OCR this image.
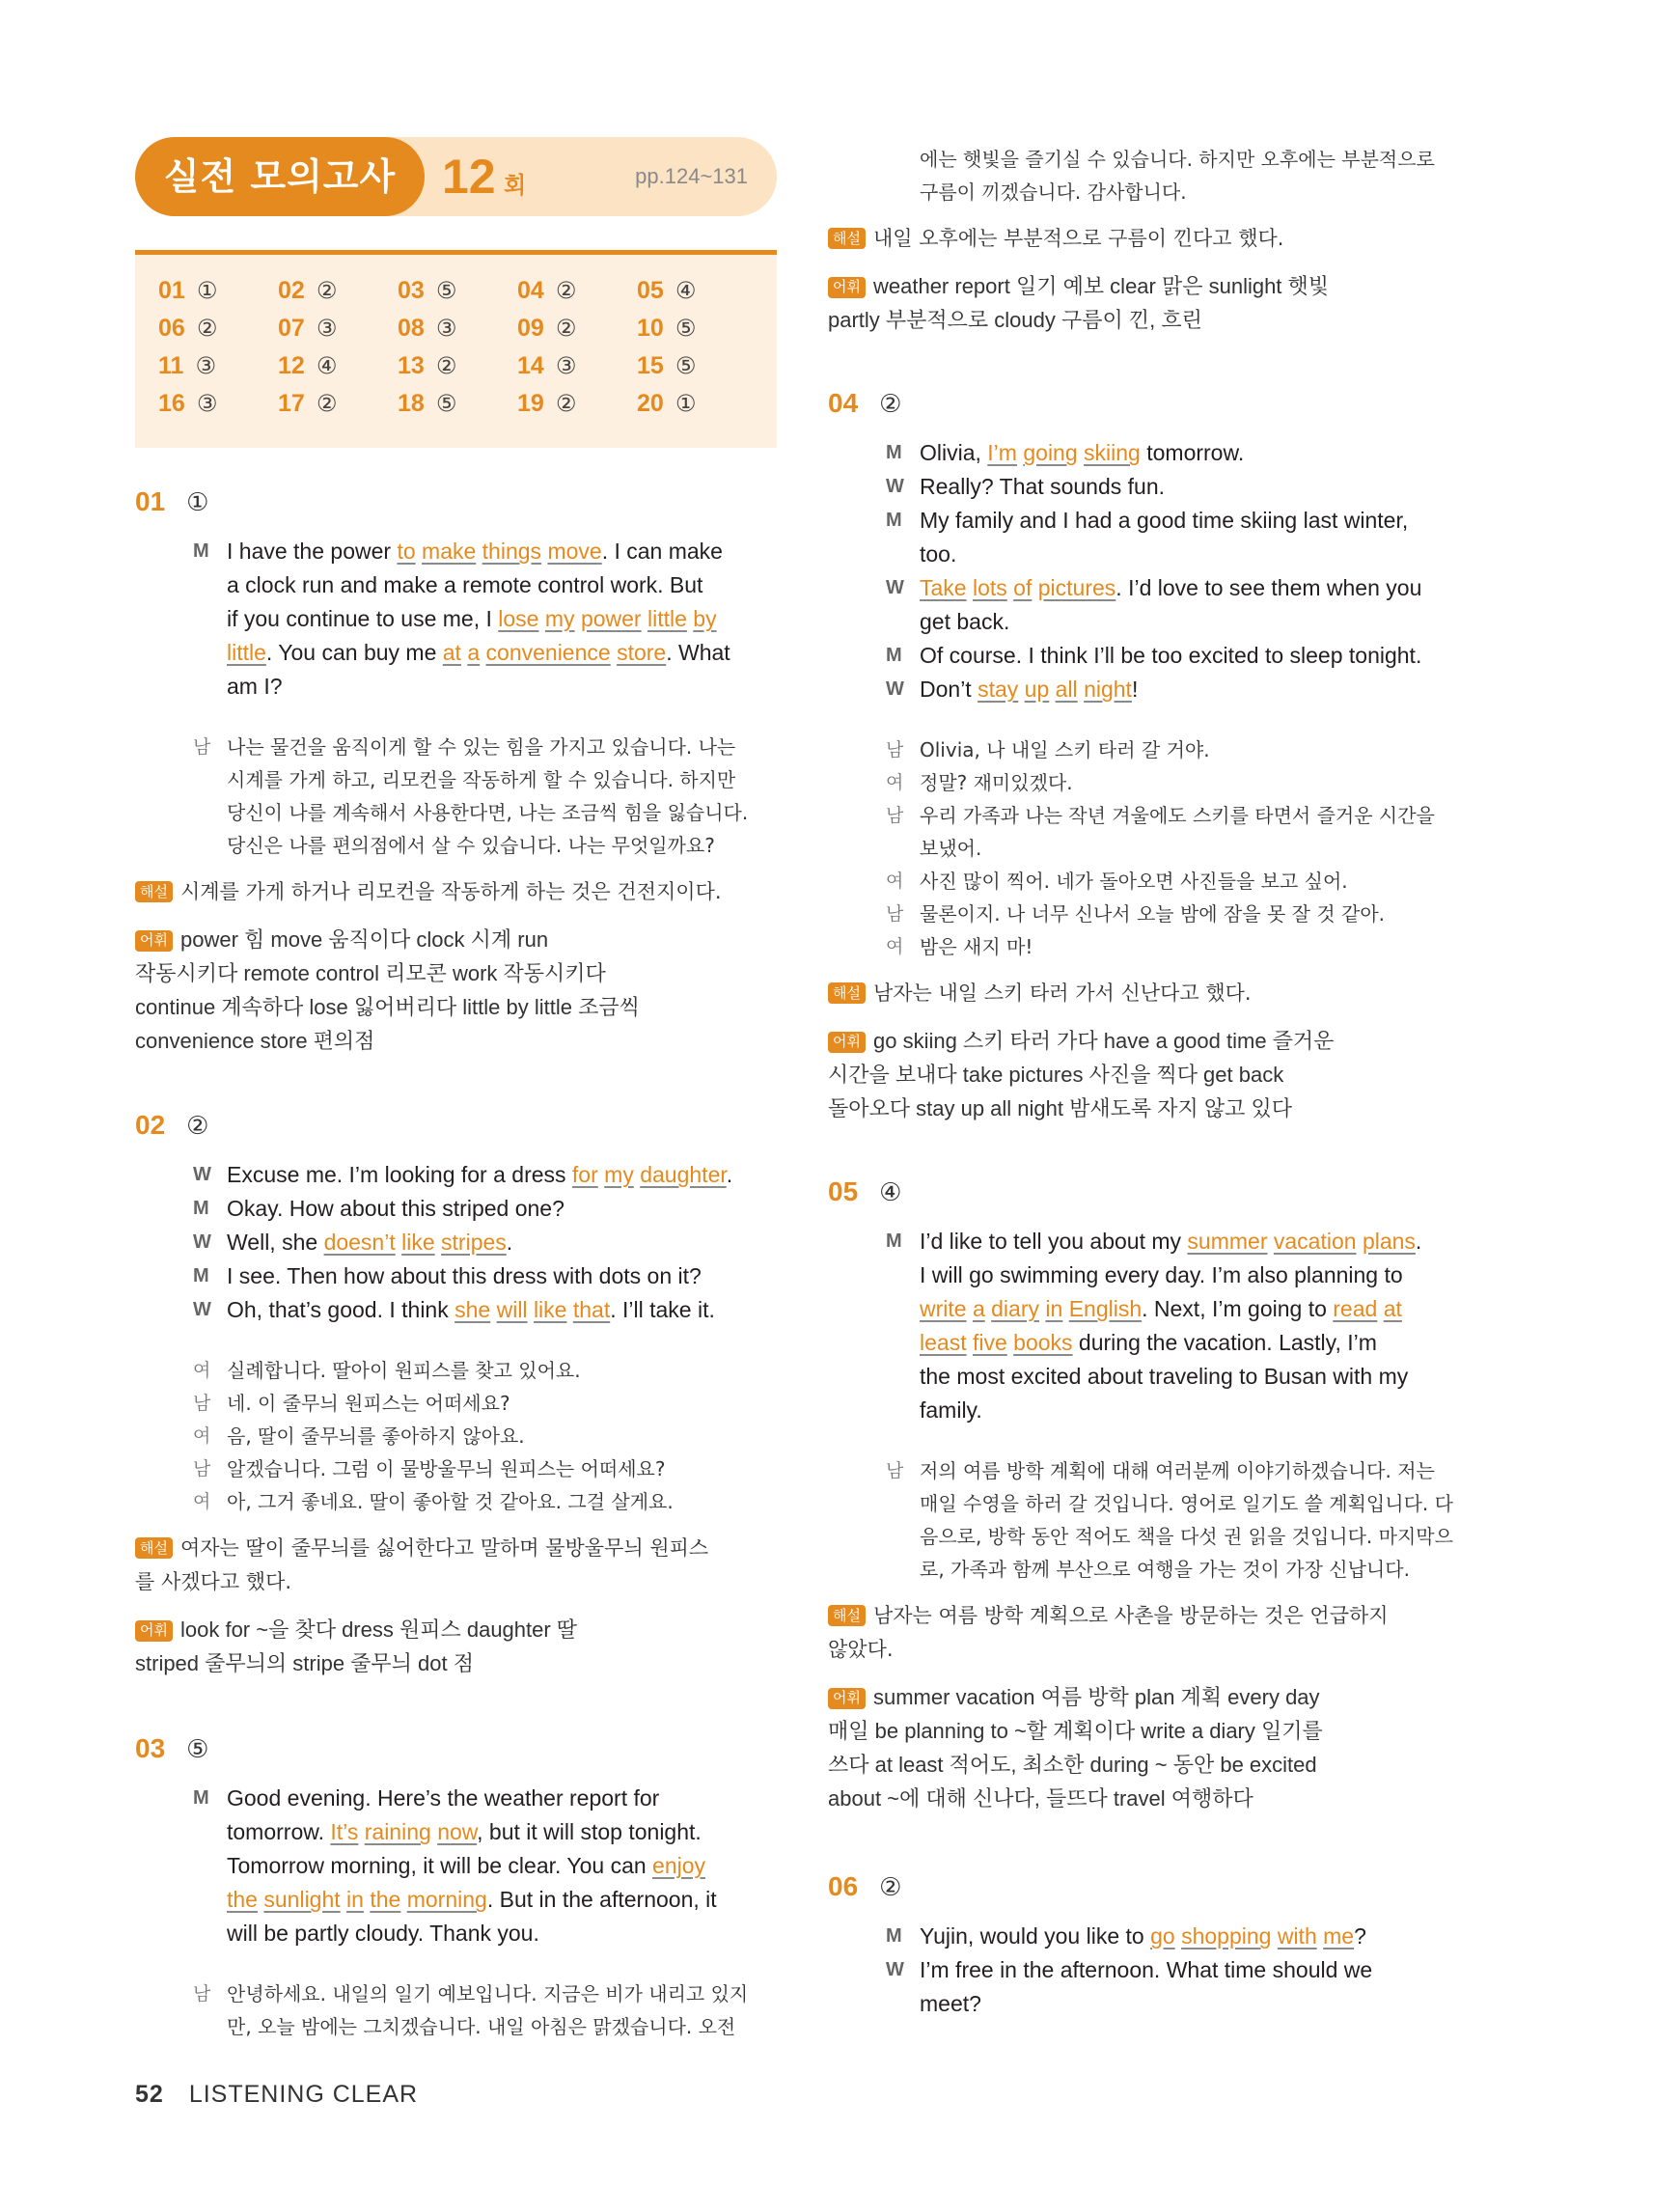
실전 모의고사 12 회	pp.124~131
01 ①	02 ②	03 ⑤	04 ②	05 ④
06 ②	07 ③	08 ③	09 ②	10 ⑤
11 ③	12 ④	13 ②	14 ③	15 ⑤
16 ③	17 ②	18 ⑤	19 ②	20 ①
01 ①
M I have the power to make things move. I can make
a clock run and make a remote control work. But
if you continue to use me, I lose my power little by
little. You can buy me at a convenience store. What
am I?
남 나는 물건을 움직이게 할 수 있는 힘을 가지고 있습니다. 나는
시계를 가게 하고, 리모컨을 작동하게 할 수 있습니다. 하지만
당신이 나를 계속해서 사용한다면, 나는 조금씩 힘을 잃습니다.
당신은 나를 편의점에서 살 수 있습니다. 나는 무엇일까요?
해설 시계를 가게 하거나 리모컨을 작동하게 하는 것은 건전지이다.
어휘 power 힘 move 움직이다 clock 시계 run
작동시키다 remote control 리모콘 work 작동시키다
continue 계속하다 lose 잃어버리다 little by little 조금씩
convenience store 편의점
02 ②
W Excuse me. I’m looking for a dress for my daughter.
M Okay. How about this striped one?
W Well, she doesn’t like stripes.
M I see. Then how about this dress with dots on it?
W Oh, that’s good. I think she will like that. I’ll take it.
여 실례합니다. 딸아이 원피스를 찾고 있어요.
남 네. 이 줄무늬 원피스는 어떠세요?
여 음, 딸이 줄무늬를 좋아하지 않아요.
남 알겠습니다. 그럼 이 물방울무늬 원피스는 어떠세요?
여 아, 그거 좋네요. 딸이 좋아할 것 같아요. 그걸 살게요.
해설 여자는 딸이 줄무늬를 싫어한다고 말하며 물방울무늬 원피스
를 사겠다고 했다.
어휘 look for ~을 찾다 dress 원피스 daughter 딸
striped 줄무늬의 stripe 줄무늬 dot 점
03 ⑤
M Good evening. Here’s the weather report for
tomorrow. It’s raining now, but it will stop tonight.
Tomorrow morning, it will be clear. You can enjoy
the sunlight in the morning. But in the afternoon, it
will be partly cloudy. Thank you.
남 안녕하세요. 내일의 일기 예보입니다. 지금은 비가 내리고 있지
만, 오늘 밤에는 그치겠습니다. 내일 아침은 맑겠습니다. 오전
에는 햇빛을 즐기실 수 있습니다. 하지만 오후에는 부분적으로
구름이 끼겠습니다. 감사합니다.
해설 내일 오후에는 부분적으로 구름이 낀다고 했다.
어휘 weather report 일기 예보 clear 맑은 sunlight 햇빛
partly 부분적으로 cloudy 구름이 낀, 흐린
04 ②
M Olivia, I’m going skiing tomorrow.
W Really? That sounds fun.
M My family and I had a good time skiing last winter,
too.
W Take lots of pictures. I’d love to see them when you
get back.
M Of course. I think I’ll be too excited to sleep tonight.
W Don’t stay up all night!
남 Olivia, 나 내일 스키 타러 갈 거야.
여 정말? 재미있겠다.
남 우리 가족과 나는 작년 겨울에도 스키를 타면서 즐거운 시간을
보냈어.
여 사진 많이 찍어. 네가 돌아오면 사진들을 보고 싶어.
남 물론이지. 나 너무 신나서 오늘 밤에 잠을 못 잘 것 같아.
여 밤은 새지 마!
해설 남자는 내일 스키 타러 가서 신난다고 했다.
어휘 go skiing 스키 타러 가다 have a good time 즐거운
시간을 보내다 take pictures 사진을 찍다 get back
돌아오다 stay up all night 밤새도록 자지 않고 있다
05 ④
M I’d like to tell you about my summer vacation plans.
I will go swimming every day. I’m also planning to
write a diary in English. Next, I’m going to read at
least five books during the vacation. Lastly, I’m
the most excited about traveling to Busan with my
family.
남 저의 여름 방학 계획에 대해 여러분께 이야기하겠습니다. 저는
매일 수영을 하러 갈 것입니다. 영어로 일기도 쓸 계획입니다. 다
음으로, 방학 동안 적어도 책을 다섯 권 읽을 것입니다. 마지막으
로, 가족과 함께 부산으로 여행을 가는 것이 가장 신납니다.
해설 남자는 여름 방학 계획으로 사촌을 방문하는 것은 언급하지
않았다.
어휘 summer vacation 여름 방학 plan 계획 every day
매일 be planning to ~할 계획이다 write a diary 일기를
쓰다 at least 적어도, 최소한 during ~ 동안 be excited
about ~에 대해 신나다, 들뜨다 travel 여행하다
06 ②
M Yujin, would you like to go shopping with me?
W I’m free in the afternoon. What time should we
meet?
52 LISTENING CLEAR
